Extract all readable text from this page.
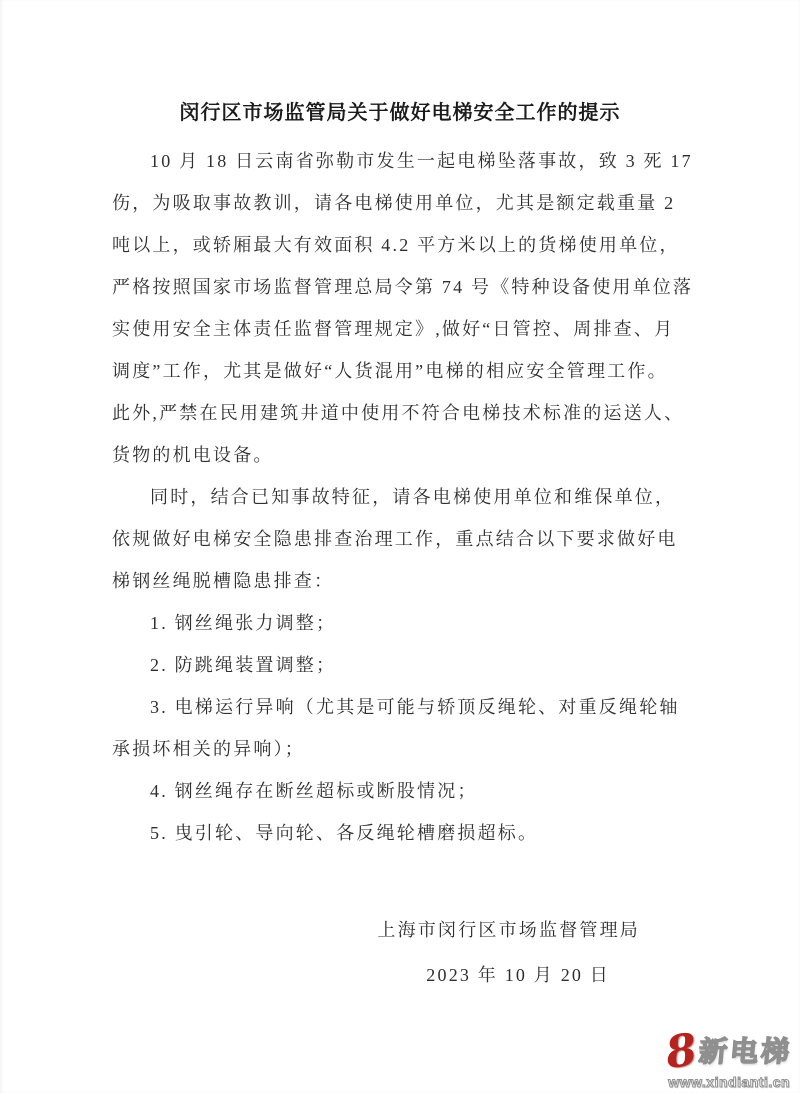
闵行区市场监管局关于做好电梯安全工作的提示
10 月 18 日云南省弥勒市发生一起电梯坠落事故，致 3 死 17
伤，为吸取事故教训，请各电梯使用单位，尤其是额定载重量 2
吨以上，或轿厢最大有效面积 4.2 平方米以上的货梯使用单位，
严格按照国家市场监督管理总局令第 74 号《特种设备使用单位落
实使用安全主体责任监督管理规定》,做好“日管控、周排查、月
调度”工作，尤其是做好“人货混用”电梯的相应安全管理工作。
此外,严禁在民用建筑井道中使用不符合电梯技术标准的运送人、
货物的机电设备。
同时，结合已知事故特征，请各电梯使用单位和维保单位，
依规做好电梯安全隐患排查治理工作，重点结合以下要求做好电
梯钢丝绳脱槽隐患排查：
1. 钢丝绳张力调整；
2. 防跳绳装置调整；
3. 电梯运行异响（尤其是可能与轿顶反绳轮、对重反绳轮轴
承损坏相关的异响）；
4. 钢丝绳存在断丝超标或断股情况；
5. 曳引轮、导向轮、各反绳轮槽磨损超标。
上海市闵行区市场监督管理局
2023 年 10 月 20 日
8
新电梯
www.xindianti.cn
